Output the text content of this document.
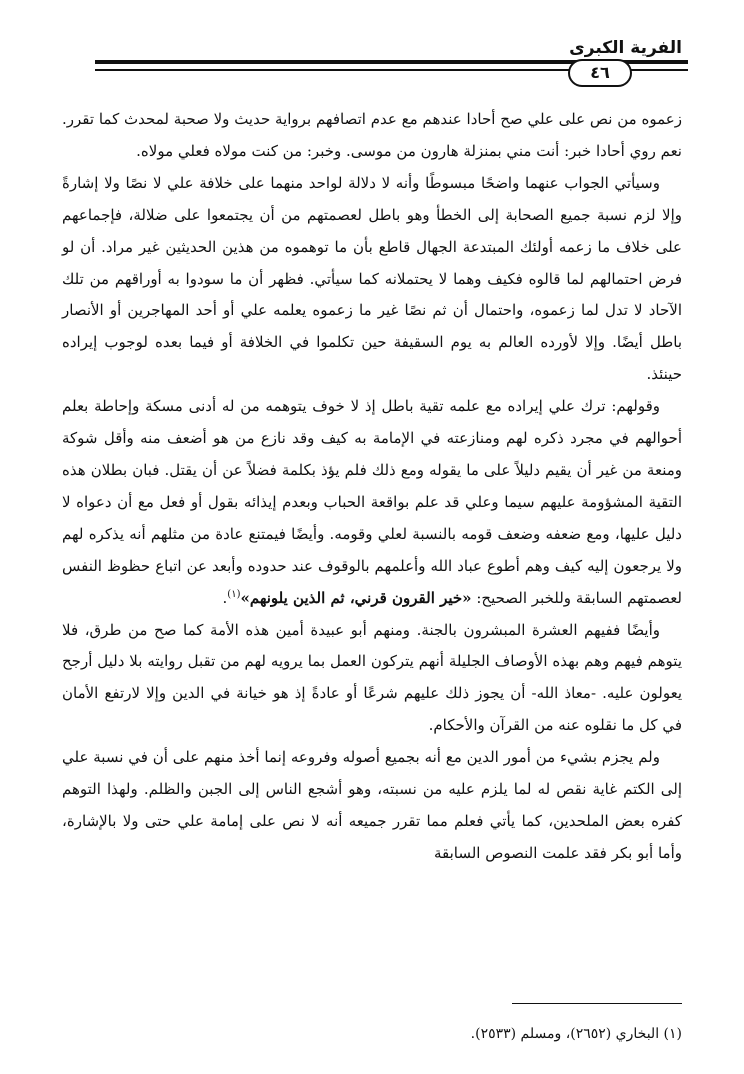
الفرية الكبرى
٤٦

زعموه من نص على علي صح أحادا عندهم مع عدم اتصافهم برواية حديث ولا صحبة لمحدث كما تقرر. نعم روي أحادا خبر: أنت مني بمنزلة هارون من موسى. وخبر: من كنت مولاه فعلي مولاه.

وسيأتي الجواب عنهما واضحًا مبسوطًا وأنه لا دلالة لواحد منهما على خلافة علي لا نصًا ولا إشارةً وإلا لزم نسبة جميع الصحابة إلى الخطأ وهو باطل لعصمتهم من أن يجتمعوا على ضلالة، فإجماعهم على خلاف ما زعمه أولئك المبتدعة الجهال قاطع بأن ما توهموه من هذين الحديثين غير مراد. أن لو فرض احتمالهم لما قالوه فكيف وهما لا يحتملانه كما سيأتي. فظهر أن ما سودوا به أوراقهم من تلك الآحاد لا تدل لما زعموه، واحتمال أن ثم نصًا غير ما زعموه يعلمه علي أو أحد المهاجرين أو الأنصار باطل أيضًا. وإلا لأورده العالم به يوم السقيفة حين تكلموا في الخلافة أو فيما بعده لوجوب إيراده حينئذ.

وقولهم: ترك علي إيراده مع علمه تقية باطل إذ لا خوف يتوهمه من له أدنى مسكة وإحاطة بعلم أحوالهم في مجرد ذكره لهم ومنازعته في الإمامة به كيف وقد نازع من هو أضعف منه وأقل شوكة ومنعة من غير أن يقيم دليلاً على ما يقوله ومع ذلك فلم يؤذ بكلمة فضلاً عن أن يقتل. فبان بطلان هذه التقية المشؤومة عليهم سيما وعلي قد علم بواقعة الحباب وبعدم إيذائه بقول أو فعل مع أن دعواه لا دليل عليها، ومع ضعفه وضعف قومه بالنسبة لعلي وقومه. وأيضًا فيمتنع عادة من مثلهم أنه يذكره لهم ولا يرجعون إليه كيف وهم أطوع عباد الله وأعلمهم بالوقوف عند حدوده وأبعد عن اتباع حظوظ النفس لعصمتهم السابقة وللخبر الصحيح: «خير القرون قرني، ثم الذين يلونهم»$^{(١)}$.

وأيضًا ففيهم العشرة المبشرون بالجنة. ومنهم أبو عبيدة أمين هذه الأمة كما صح من طرق، فلا يتوهم فيهم وهم بهذه الأوصاف الجليلة أنهم يتركون العمل بما يرويه لهم من تقبل روايته بلا دليل أرجح يعولون عليه. -معاذ الله- أن يجوز ذلك عليهم شرعًا أو عادةً إذ هو خيانة في الدين وإلا لارتفع الأمان في كل ما نقلوه عنه من القرآن والأحكام.

ولم يجزم بشيء من أمور الدين مع أنه بجميع أصوله وفروعه إنما أخذ منهم على أن في نسبة علي إلى الكتم غاية نقص له لما يلزم عليه من نسبته، وهو أشجع الناس إلى الجبن والظلم. ولهذا التوهم كفره بعض الملحدين، كما يأتي فعلم مما تقرر جميعه أنه لا نص على إمامة علي حتى ولا بالإشارة، وأما أبو بكر فقد علمت النصوص السابقة

(١) البخاري (٢٦٥٢)، ومسلم (٢٥٣٣).
